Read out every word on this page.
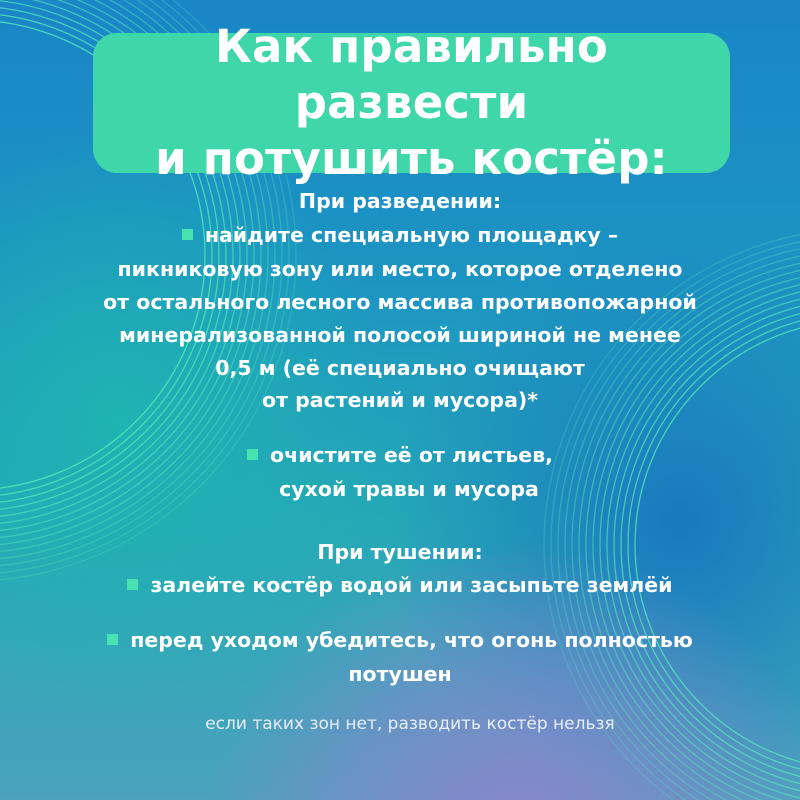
Как правильно развести
и потушить костёр:
При разведении:
найдите специальную площадку –
пикниковую зону или место, которое отделено
от остального лесного массива противопожарной
минерализованной полосой шириной не менее
0,5 м (её специально очищают
от растений и мусора)*
очистите её от листьев,
сухой травы и мусора
При тушении:
залейте костёр водой или засыпьте землёй
перед уходом убедитесь, что огонь полностью
потушен
если таких зон нет, разводить костёр нельзя
